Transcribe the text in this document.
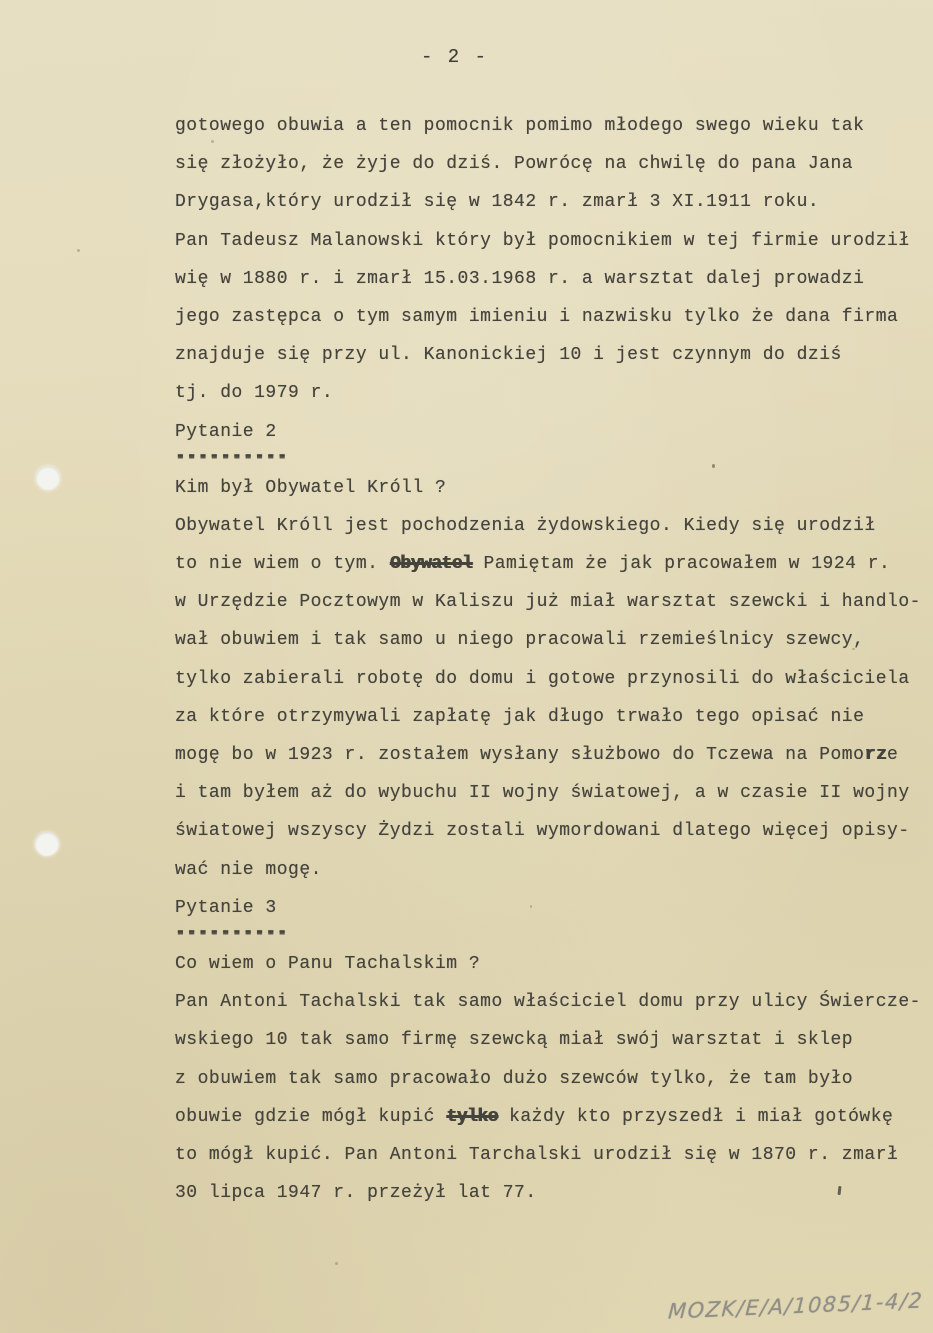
- 2 -
gotowego obuwia a ten pomocnik pomimo młodego swego wieku tak
się złożyło, że żyje do dziś. Powrócę na chwilę do pana Jana
Drygasa,który urodził się w 1842 r. zmarł 3 XI.1911 roku.
Pan Tadeusz Malanowski który był pomocnikiem w tej firmie urodził
wię w 1880 r. i zmarł 15.03.1968 r. a warsztat dalej prowadzi
jego zastępca o tym samym imieniu i nazwisku tylko że dana firma
znajduje się przy ul. Kanonickiej 10 i jest czynnym do dziś
tj. do 1979 r.
Pytanie 2
----------
Kim był Obywatel Króll ?
Obywatel Króll jest pochodzenia żydowskiego. Kiedy się urodził
to nie wiem o tym. Obywatel Pamiętam że jak pracowałem w 1924 r.
w Urzędzie Pocztowym w Kaliszu już miał warsztat szewcki i handlo-
wał obuwiem i tak samo u niego pracowali rzemieślnicy szewcy,
tylko zabierali robotę do domu i gotowe przynosili do właściciela
za które otrzymywali zapłatę jak długo trwało tego opisać nie
mogę bo w 1923 r. zostałem wysłany służbowo do Tczewa na Pomorze
i tam byłem aż do wybuchu II wojny światowej, a w czasie II wojny
światowej wszyscy Żydzi zostali wymordowani dlatego więcej opisy-
wać nie mogę.
Pytanie 3
----------
Co wiem o Panu Tachalskim ?
Pan Antoni Tachalski tak samo właściciel domu przy ulicy Świercze-
wskiego 10 tak samo firmę szewcką miał swój warsztat i sklep
z obuwiem tak samo pracowało dużo szewców tylko, że tam było
obuwie gdzie mógł kupić tylko każdy kto przyszedł i miał gotówkę
to mógł kupić. Pan Antoni Tarchalski urodził się w 1870 r. zmarł
30 lipca 1947 r. przeżył lat 77.
MOZK/E/A/1085/1-4/2
